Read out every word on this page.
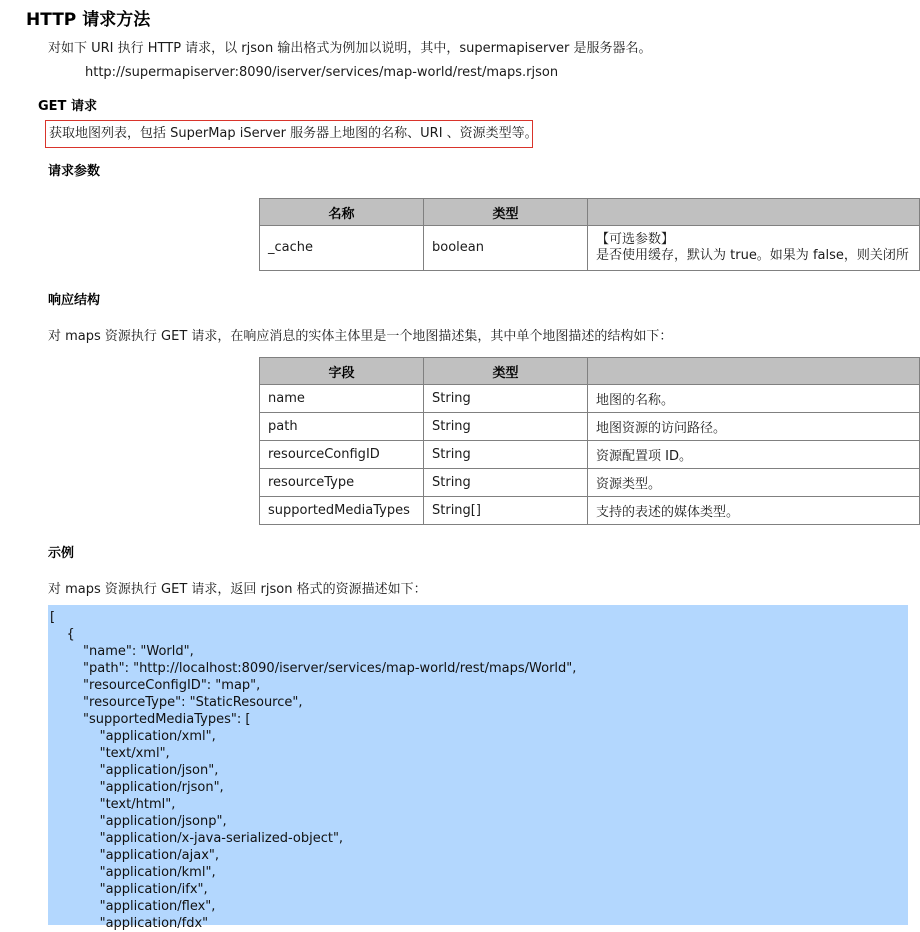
HTTP 请求方法

对如下 URI 执行 HTTP 请求，以 rjson 输出格式为例加以说明，其中，supermapiserver 是服务器名。

http://supermapiserver:8090/iserver/services/map-world/rest/maps.rjson

GET 请求
获取地图列表，包括 SuperMap iServer 服务器上地图的名称、URI 、资源类型等。
请求参数
名称	类型	
_cache	boolean	【可选参数】
是否使用缓存，默认为 true。如果为 false，则关闭所
字段	类型	
name	String	地图的名称。
path	String	地图资源的访问路径。
resourceConfigID	String	资源配置项 ID。
resourceType	String	资源类型。
supportedMediaTypes	String[]	支持的表述的媒体类型。
[
{
"name": "World",
"path": "http://localhost:8090/iserver/services/map-world/rest/maps/World",
"resourceConfigID": "map",
"resourceType": "StaticResource",
"supportedMediaTypes": [
"application/xml",
"text/xml",
"application/json",
"application/rjson",
"text/html",
"application/jsonp",
"application/x-java-serialized-object",
"application/ajax",
"application/kml",
"application/ifx",
"application/flex",
"application/fdx"
响应结构

对 maps 资源执行 GET 请求，在响应消息的实体主体里是一个地图描述集，其中单个地图描述的结构如下：

示例

对 maps 资源执行 GET 请求，返回 rjson 格式的资源描述如下：
